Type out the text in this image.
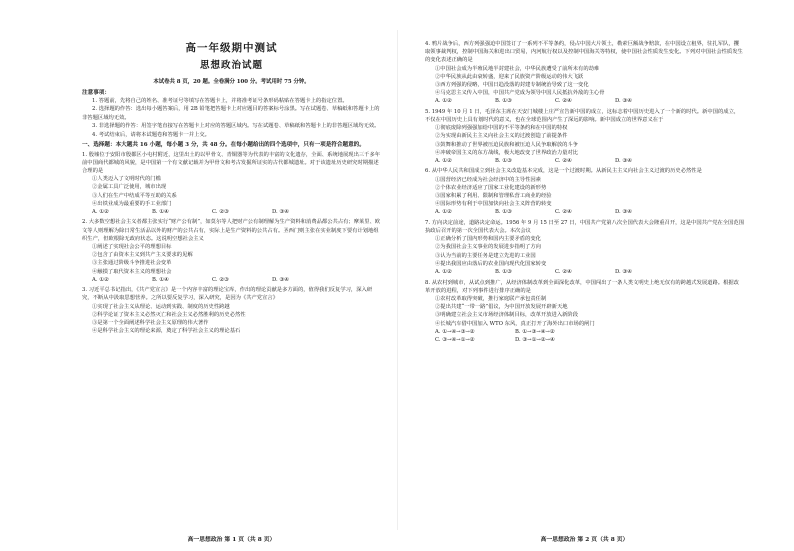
高一年级期中测试
思想政治试题
本试卷共 8 页，20 题。全卷满分 100 分。考试用时 75 分钟。
注意事项：

1. 答题前，先将自己的姓名、准考证号等填写在答题卡上，并将准考证号条形码粘贴在答题卡上的指定位置。

2. 选择题的作答：选出每小题答案后，用 2B 铅笔把答题卡上对应题目的答案标号涂黑。写在试题卷、草稿纸和答题卡上的非答题区域均无效。

3. 非选择题的作答：用签字笔直接写在答题卡上对应的答题区域内。写在试题卷、草稿纸和答题卡上的非答题区域均无效。

4. 考试结束后，请将本试题卷和答题卡一并上交。

一、选择题：本大题共 16 小题，每小题 3 分，共 48 分。在每小题给出的四个选项中，只有一项是符合题意的。

1. 殷墟位于安阳市殷都区小屯村附近，这里出土的以甲骨文、青铜器等为代表的丰富的文化遗存，全面、系统地展现出三千多年前中国商代都城的风貌，是中国第一个有文献记载并为甲骨文和考古发掘所证实的古代都城遗址。对于该遗址历史研究时期描述合理的是

①人类迈入了文明时代的门槛

②金属工具广泛使用，城市出现

③人们在生产中结成平等互助的关系

④出铁业成为最重要的手工业部门

A. ①②	B. ①④	C. ②③	D. ③④

2. 大多数空想社会主义者都主张实行“财产公有制”，如莫尔等人把财产公有制理解为生产资料和消费品都公共占有；摩莱里、欧文等人则理解为除日常生活品以外的财产的公共占有，实际上是生产资料的公共占有。圣西门则主张在实业制度下要有计划地组织生产，但欧根除无政府状态。这说明空想社会主义

①阐述了实现社会公平的理想目标

②包含了由资本主义到共产主义要求的见解

③主张通过阶级斗争推进社会变革

④触摸了取代资本主义的理想社会

A. ①②	B. ①④	C. ②③	D. ③④

3. 习近平总书记指出，《共产党宣言》是一个内容丰富的理论宝库，作出的理论贡献是多方面的，值得我们反复学习，深入研究，不断从中汲取思想营养。之所以要反复学习，深入研究，是因为《共产党宣言》

①实现了社会主义从理论、运动到实践、制度的历史性跨越

②科学论证了资本主义必然灭亡和社会主义必然胜利的历史必然性

③是第一个全面阐述科学社会主义原理的伟大著作

④是科学社会主义的理论来源，奠定了科学社会主义的理论基石

高一思想政治 第 1 页（共 8 页）

4. 鸦片战争后，西方列强强迫中国签订了一系列不平等条约，侵占中国大片领土，勒索巨额战争赔款，在中国设立租界，驻扎军队，攫取领事裁判权，控制中国海关和进出口贸易，内河航行权以及控制中国海关等特权，使中国社会性质发生变化。下列对中国社会性质发生的变化表述正确的是

①中国社会成为半殖民地半封建社会，中华民族遭受了前所未有的劫难

②中华民族从此由衰转盛，迎来了民族资产阶级运动的伟大飞跃

③西方列强的侵略，中国日趋没落的封建专制统治导致了这一变化

④马克思主义传入中国，中国共产党成为领导中国人民抵抗外敌的主心骨

A. ①②	B. ①③	C. ②④	D. ③④

5. 1949 年 10 月 1 日，毛泽东主席在天安门城楼上庄严宣告新中国的成立，这标志着中国历史进入了一个新的时代。新中国的成立，不仅在中国历史上具有划时代的意义，也在全球范围内产生了深远的影响。新中国成立的世界意义在于

①彻底废除列强强加给中国的不平等条约和在中国的特权

②为实现由新民主主义向社会主义的过渡创造了前提条件

③鼓舞和推动了世界被压迫民族和被压迫人民争取解放的斗争

④冲破帝国主义的东方战线，极大地改变了世界政治力量对比

A. ①②	B. ①③	C. ②④	D. ③④

6. 从中华人民共和国成立到社会主义改造基本完成，这是一个过渡时期。从新民主主义向社会主义过渡的历史必然性是

①国营经济已经成为社会经济中的主导性因素

②个体农业经济适应了国家工业化建设的新形势

③国家积累了利用、限制和管理私营工商业的经验

④国际形势有利于中国加快向社会主义阵营的转变

A. ①②	B. ①③	C. ②④	D. ③④

7. 方向决定前途，道路决定命运。1956 年 9 月 15 日至 27 日，中国共产党第八次全国代表大会隆重召开，这是中国共产党在全国范围执政后召开的第一次全国代表大会。本次会议

①正确分析了国内形势和国内主要矛盾的变化

②为我国社会主义事业的发展进步指明了方向

③认为当前的主要任务是建立先进的工业国

④提出我国应由落后的农业国向现代化国家转变

A. ①②	B. ①③	C. ②④	D. ③④

8. 从农村到城市，从试点到推广，从经济体制改革到全面深化改革，中国闯出了一条人类文明史上绝无仅有的跨越式发展道路。根据改革开放的进程，对下列事件进行排序正确的是

①农村改革取得突破，推行家庭联产承包责任制

②提出共建“一带一路”倡议，为中国开放发展开辟新天地

③明确建立社会主义市场经济体制目标，改革开放进入新阶段

④长城汽车借中国加入 WTO 东风，真正打开了海外出口市场的闸门

A. ①→④→③→②	B. ①→③→④→②
C. ③→④→①→②	D. ③→①→②→④
高一思想政治 第 2 页（共 8 页）
